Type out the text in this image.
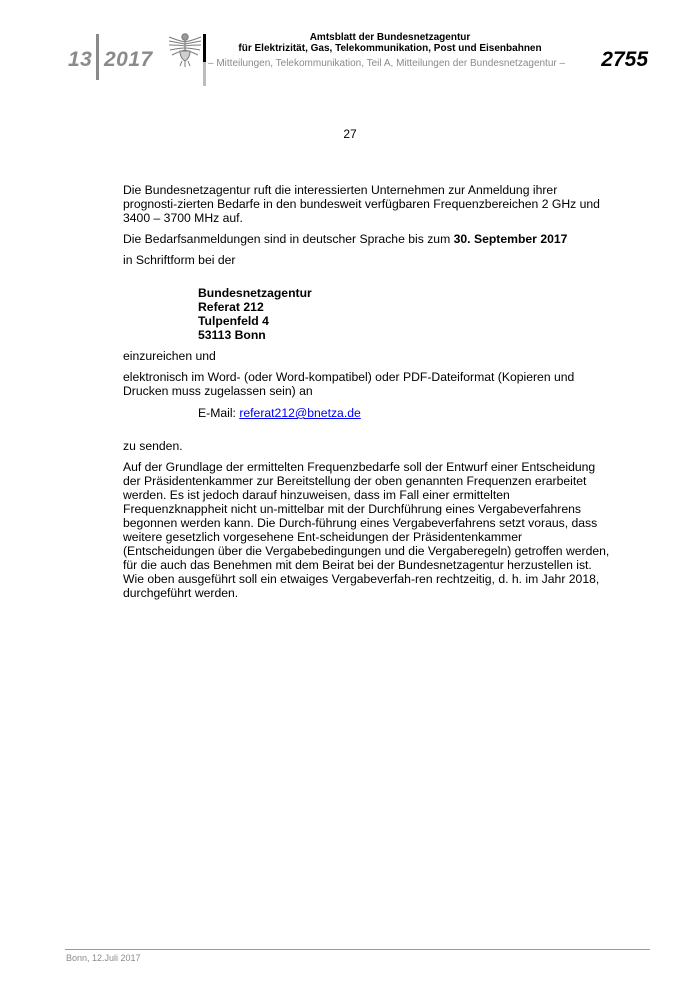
13 2017
Amtsblatt der Bundesnetzagentur
für Elektrizität, Gas, Telekommunikation, Post und Eisenbahnen
– Mitteilungen, Telekommunikation, Teil A, Mitteilungen der Bundesnetzagentur – 2755
27

Die Bundesnetzagentur ruft die interessierten Unternehmen zur Anmeldung ihrer prognosti-zierten Bedarfe in den bundesweit verfügbaren Frequenzbereichen 2 GHz und 3400 – 3700 MHz auf.

Die Bedarfsanmeldungen sind in deutscher Sprache bis zum 30. September 2017

in Schriftform bei der

Bundesnetzagentur
Referat 212
Tulpenfeld 4
53113 Bonn

einzureichen und

elektronisch im Word- (oder Word-kompatibel) oder PDF-Dateiformat (Kopieren und Drucken muss zugelassen sein) an

E-Mail: referat212@bnetza.de

zu senden.

Auf der Grundlage der ermittelten Frequenzbedarfe soll der Entwurf einer Entscheidung der Präsidentenkammer zur Bereitstellung der oben genannten Frequenzen erarbeitet werden. Es ist jedoch darauf hinzuweisen, dass im Fall einer ermittelten Frequenzknappheit nicht un-mittelbar mit der Durchführung eines Vergabeverfahrens begonnen werden kann. Die Durch-führung eines Vergabeverfahrens setzt voraus, dass weitere gesetzlich vorgesehene Ent-scheidungen der Präsidentenkammer (Entscheidungen über die Vergabebedingungen und die Vergaberegeln) getroffen werden, für die auch das Benehmen mit dem Beirat bei der Bundesnetzagentur herzustellen ist. Wie oben ausgeführt soll ein etwaiges Vergabeverfah-ren rechtzeitig, d. h. im Jahr 2018, durchgeführt werden.

Bonn, 12.Juli 2017
